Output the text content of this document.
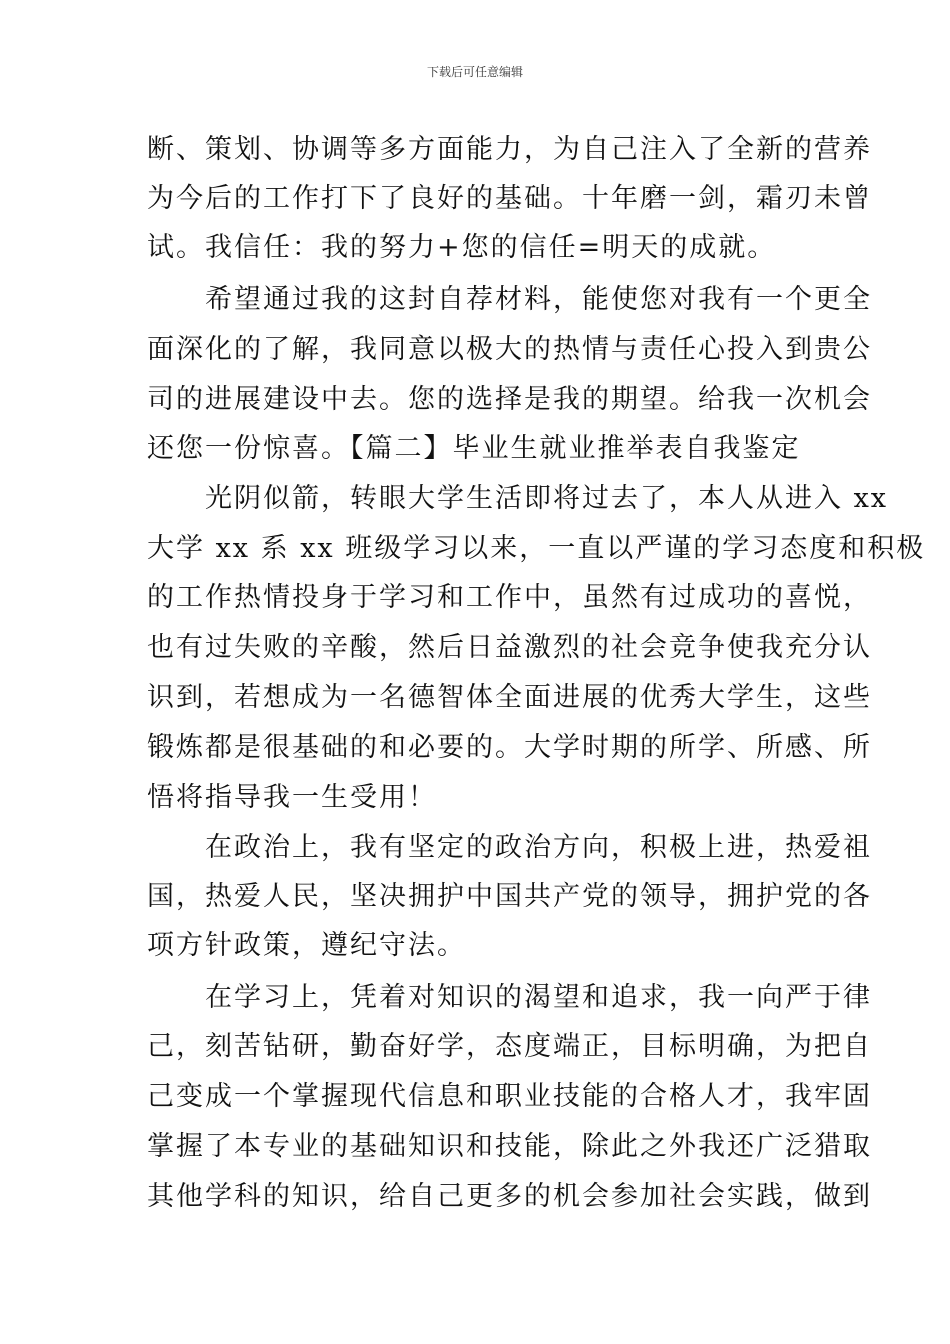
下载后可任意编辑
断、策划、协调等多方面能力，为自己注入了全新的营养
为今后的工作打下了良好的基础。十年磨一剑，霜刃未曾
试。我信任：我的努力+您的信任=明天的成就。
　　希望通过我的这封自荐材料，能使您对我有一个更全
面深化的了解，我同意以极大的热情与责任心投入到贵公
司的进展建设中去。您的选择是我的期望。给我一次机会
还您一份惊喜。【篇二】毕业生就业推举表自我鉴定
　　光阴似箭，转眼大学生活即将过去了，本人从进入 xx
大学 xx 系 xx 班级学习以来，一直以严谨的学习态度和积极
的工作热情投身于学习和工作中，虽然有过成功的喜悦，
也有过失败的辛酸，然后日益激烈的社会竞争使我充分认
识到，若想成为一名德智体全面进展的优秀大学生，这些
锻炼都是很基础的和必要的。大学时期的所学、所感、所
悟将指导我一生受用！
　　在政治上，我有坚定的政治方向，积极上进，热爱祖
国，热爱人民，坚决拥护中国共产党的领导，拥护党的各
项方针政策，遵纪守法。
　　在学习上，凭着对知识的渴望和追求，我一向严于律
己，刻苦钻研，勤奋好学，态度端正，目标明确，为把自
己变成一个掌握现代信息和职业技能的合格人才，我牢固
掌握了本专业的基础知识和技能，除此之外我还广泛猎取
其他学科的知识，给自己更多的机会参加社会实践，做到
